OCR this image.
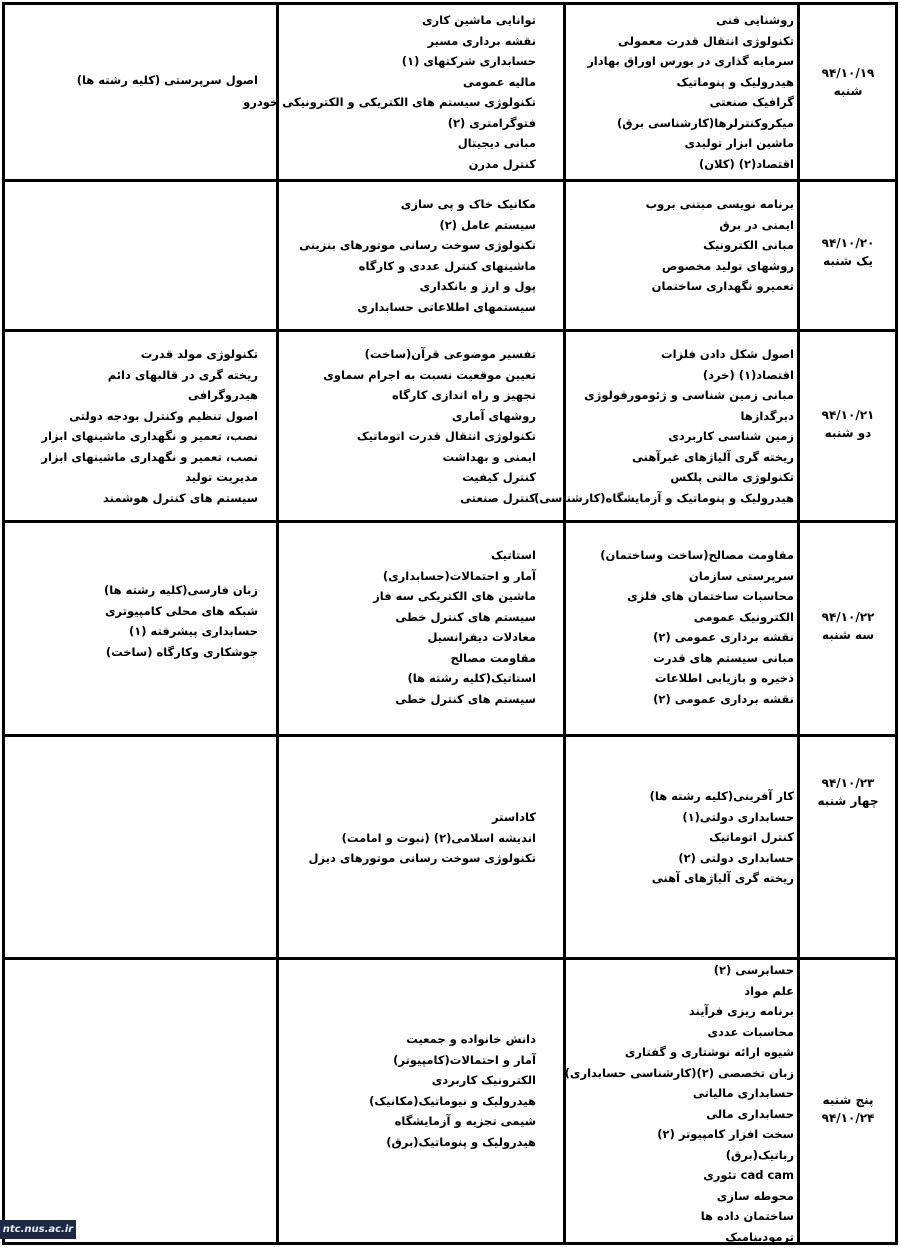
۹۴/۱۰/۱۹
شنبه
روشنایی فنی
تکنولوژی انتقال قدرت معمولی
سرمایه گذاری در بورس اوراق بهادار
هیدرولیک و پنوماتیک
گرافیک صنعتی
میکروکنترلرها(کارشناسی برق)
ماشین ابزار تولیدی
اقتصاد(۲) (کلان)
توانایی ماشین کاری
نقشه برداری مسیر
حسابداری شرکتهای (۱)
مالیه عمومی
تکنولوژی سیستم های الکتریکی و الکترونیکی خودرو
فتوگرامتری (۲)
مبانی دیجیتال
کنترل مدرن
اصول سرپرستی (کلیه رشته ها)
۹۴/۱۰/۲۰
یک شنبه
برنامه نویسی مبتنی بروب
ایمنی در برق
مبانی الکترونیک
روشهای تولید مخصوص
تعمیرو نگهداری ساختمان
مکانیک خاک و پی سازی
سیستم عامل (۲)
تکنولوژی سوخت رسانی موتورهای بنزینی
ماشینهای کنترل عددی و کارگاه
پول و ارز و بانکداری
سیستمهای اطلاعاتی حسابداری
۹۴/۱۰/۲۱
دو شنبه
اصول شکل دادن فلزات
اقتصاد(۱) (خرد)
مبانی زمین شناسی و ژئومورفولوژی
دیرگدازها
زمین شناسی کاربردی
ریخته گری آلیاژهای غیرآهنی
تکنولوژی مالتی پلکس
هیدرولیک و پنوماتیک و آزمایشگاه(کارشناسی)
تفسیر موضوعی قرآن(ساخت)
تعیین موقعیت نسبت به اجرام سماوی
تجهیز و راه اندازی کارگاه
روشهای آماری
تکنولوژی انتقال قدرت اتوماتیک
ایمنی و بهداشت
کنترل کیفیت
کنترل صنعتی
تکنولوژی مولد قدرت
ریخته گری در قالبهای دائم
هیدروگرافی
اصول تنظیم وکنترل بودجه دولتی
نصب، تعمیر و نگهداری ماشینهای ابزار
نصب، تعمیر و نگهداری ماشینهای ابزار
مدیریت تولید
سیستم های کنترل هوشمند
۹۴/۱۰/۲۲
سه شنبه
مقاومت مصالح(ساخت وساختمان)
سرپرستی سازمان
محاسبات ساختمان های فلزی
الکترونیک عمومی
نقشه برداری عمومی (۲)
مبانی سیستم های قدرت
ذخیره و بازیابی اطلاعات
نقشه برداری عمومی (۲)
استاتیک
آمار و احتمالات(حسابداری)
ماشین های الکتریکی سه فاز
سیستم های کنترل خطی
معادلات دیفرانسیل
مقاومت مصالح
استاتیک(کلیه رشته ها)
سیستم های کنترل خطی
زبان فارسی(کلیه رشته ها)
شبکه های محلی کامپیوتری
حسابداری پیشرفته (۱)
جوشکاری وکارگاه (ساخت)
۹۴/۱۰/۲۳
چهار شنبه
کار آفرینی(کلیه رشته ها)
حسابداری دولتی(۱)
کنترل اتوماتیک
حسابداری دولتی (۲)
ریخته گری آلیاژهای آهنی
کاداستر
اندیشه اسلامی(۲) (نبوت و امامت)
تکنولوژی سوخت رسانی موتورهای دیزل
پنج شنبه
۹۴/۱۰/۲۴
حسابرسی (۲)
علم مواد
برنامه ریزی فرآیند
محاسبات عددی
شیوه ارائه نوشتاری و گفتاری
زبان تخصصی (۲)(کارشناسی حسابداری)
حسابداری مالیاتی
حسابداری مالی
سخت افزار کامپیوتر (۲)
رباتیک(برق)
cad cam تئوری
محوطه سازی
ساختمان داده ها
ترمودینامیک
دانش خانواده و جمعیت
آمار و احتمالات(کامپیوتر)
الکترونیک کاربردی
هیدرولیک و نیوماتیک(مکانیک)
شیمی تجزیه و آزمایشگاه
هیدرولیک و پنوماتیک(برق)
ntc.nus.ac.ir
